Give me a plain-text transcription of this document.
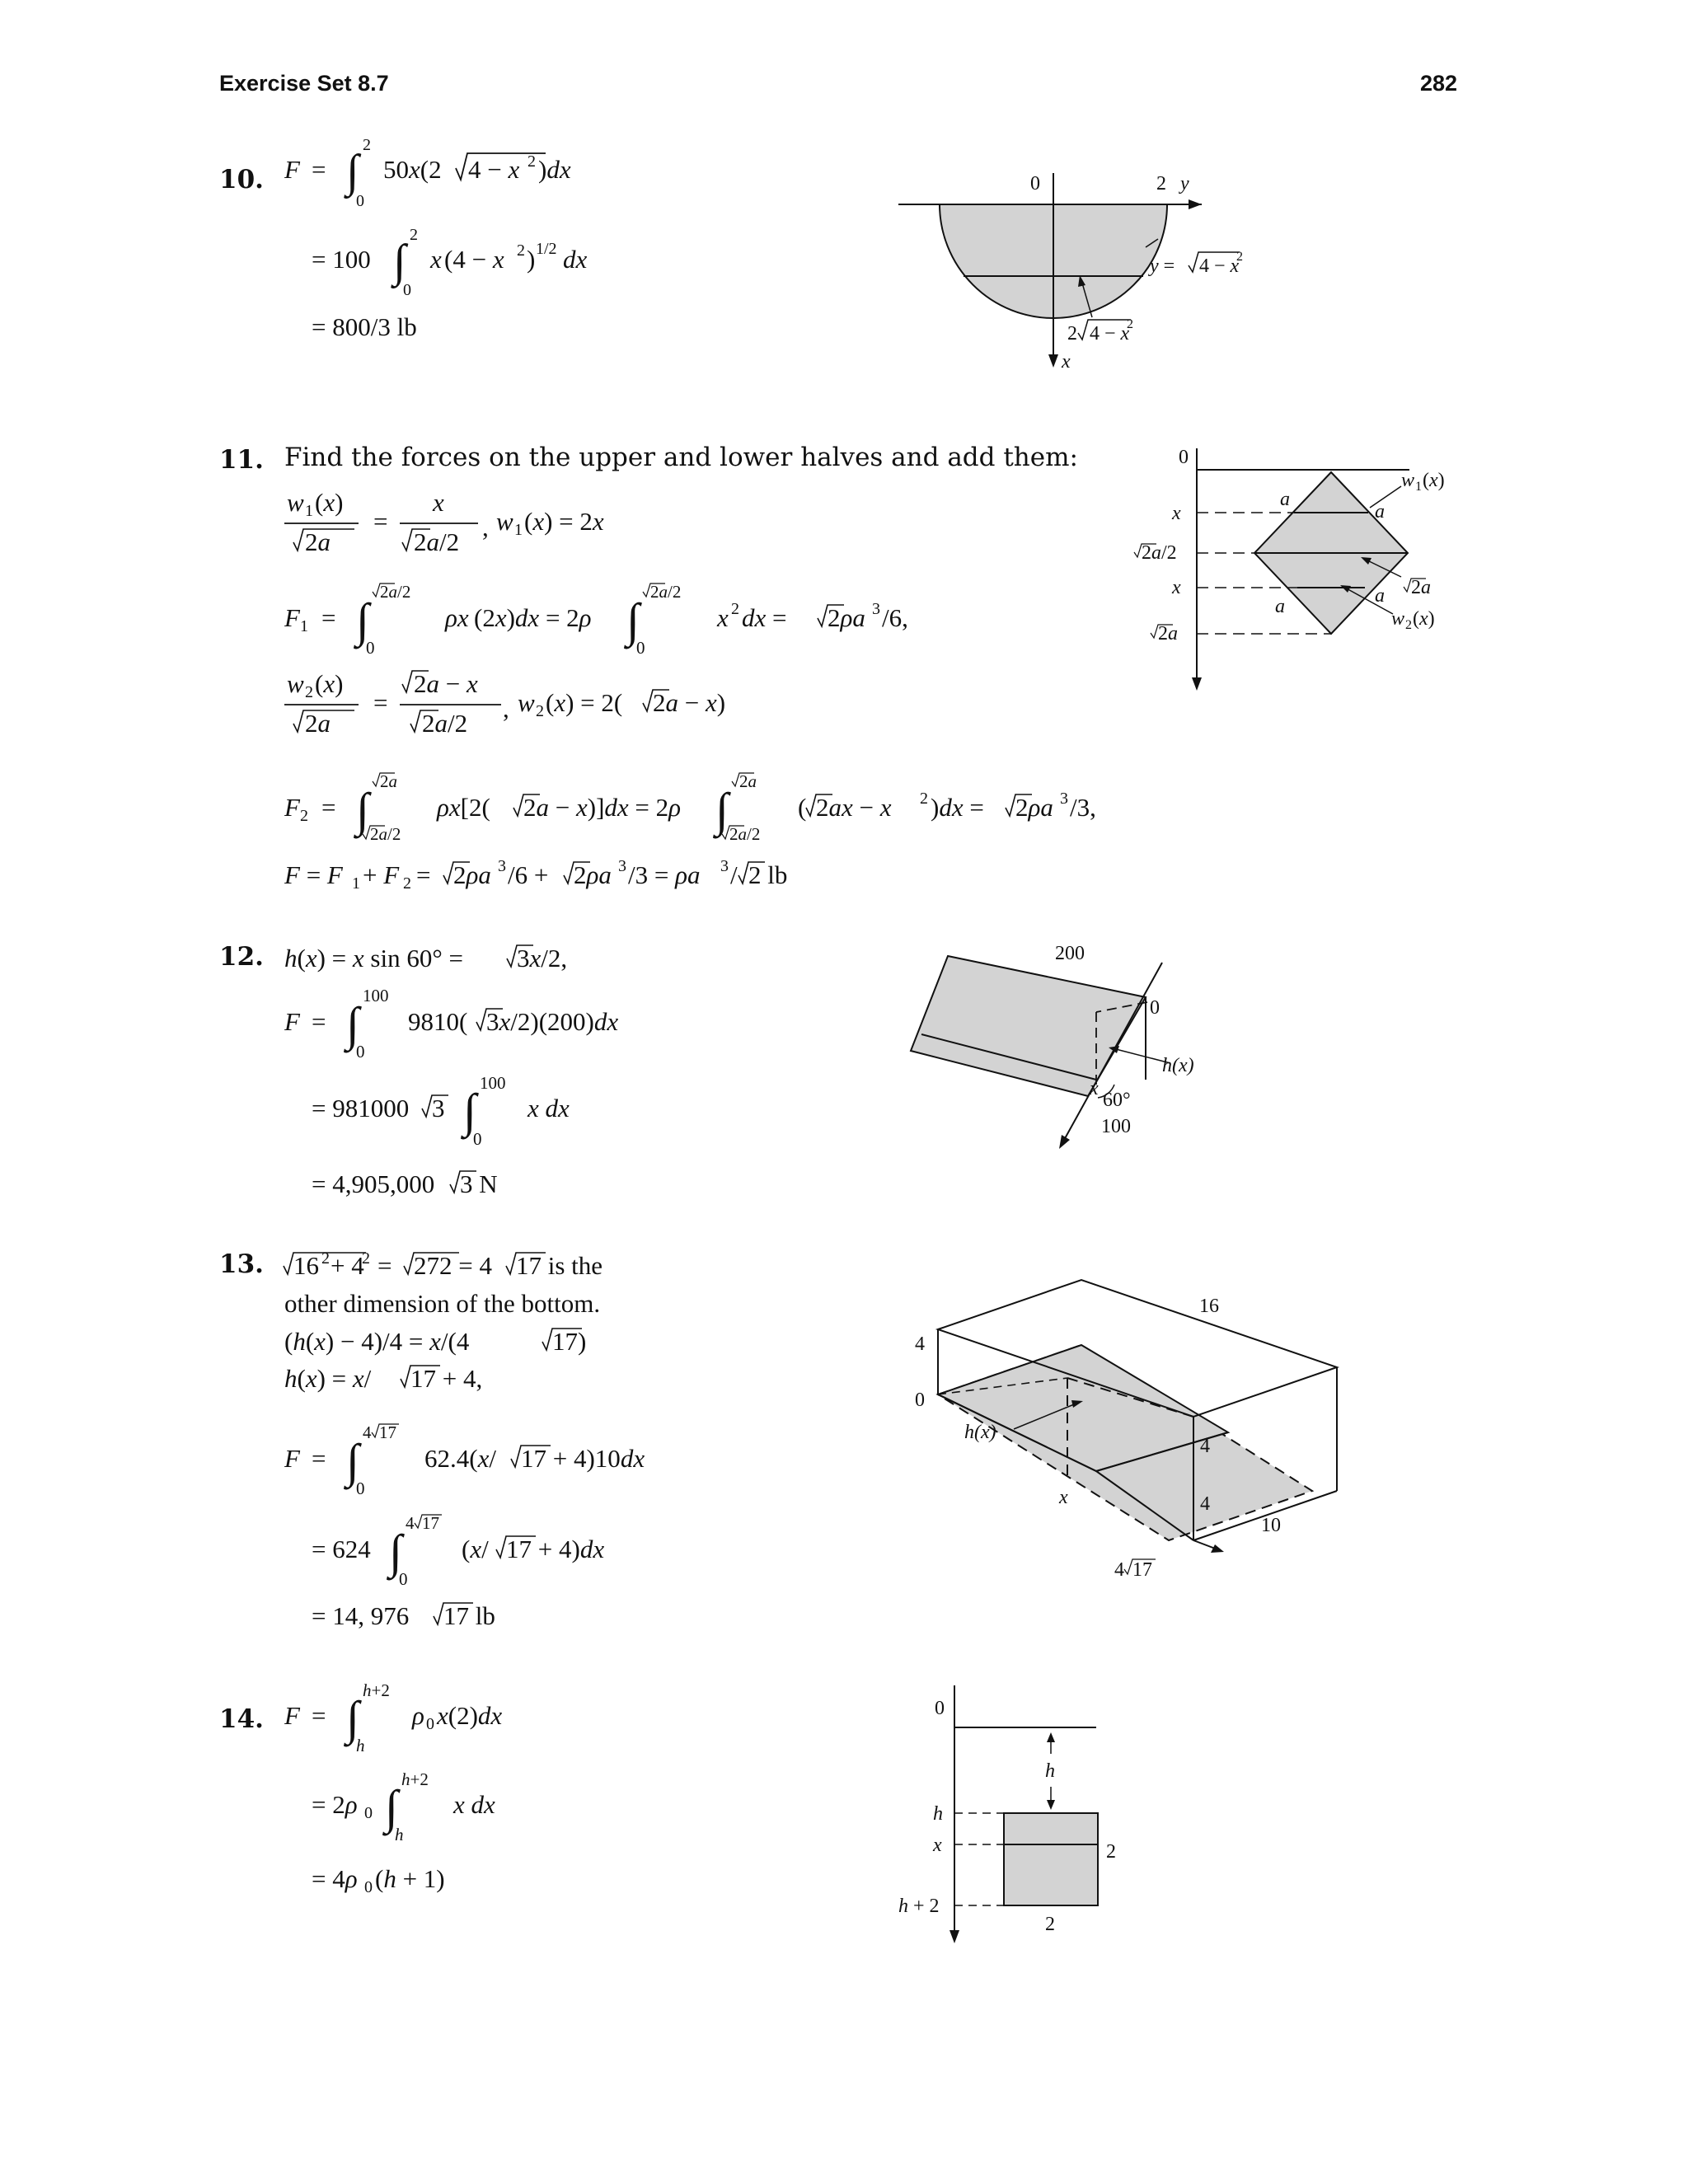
Exercise Set 8.7	282
10. F = ∫
2
0
50x(2 4 − x 2 )dx
= 100 ∫
2
0
x (4 − x 2 ) 1/2 dx
= 800/3 lb
0	2 y
y = 4 − x
2
2 4 − x
2
x
11. Find the forces on the upper and lower halves and add them:
w 1 (x)
2a
=
x
2a/2
, w 1 (x) = 2x
F 1 = ∫
2a/2
0
ρx (2x)dx = 2ρ ∫
2a/2
0
x 2 dx = 2ρa 3 /6,
w 2 (x)
2a
=
2a − x
2a/2
, w 2 (x) = 2( 2a − x)
F 2 = ∫
2a
2a/2
ρx[2( 2a − x)]dx = 2ρ ∫
2a
2a/2
( 2ax − x 2 )dx = 2ρa 3 /3,
F = F 1 + F 2 = 2ρa 3 /6 + 2ρa 3 /3 = ρa 3 / 2 lb
0
x
2a/2
x
2a
a
a
a	a
w 1 (x)
2a
w 2 (x)
12. h(x) = x sin 60° = 3x/2,
F = ∫
100
0
9810( 3x/2)(200)dx
= 981000 3 ∫
100
0
x dx
= 4,905,000 3 N
200
0
h(x)
x
60°
100
13. 16 2 + 4
2 = 272 = 4 17 is the
other dimension of the bottom.
(h(x) − 4)/4 = x/(4	17)
h(x) = x/ 17 + 4,
F = ∫
4 17
0
62.4(x/ 17 + 4)10dx
= 624 ∫
4 17
0
(x/ 17 + 4)dx
= 14, 976 17 lb
16
4
0
h(x)
x
4
4
10
4 17
14. F = ∫
h+2
h
ρ 0 x(2)dx
= 2ρ 0 ∫
h+2
h
x dx
= 4ρ 0 (h + 1)
0
h
h
x	2
h + 2
2
